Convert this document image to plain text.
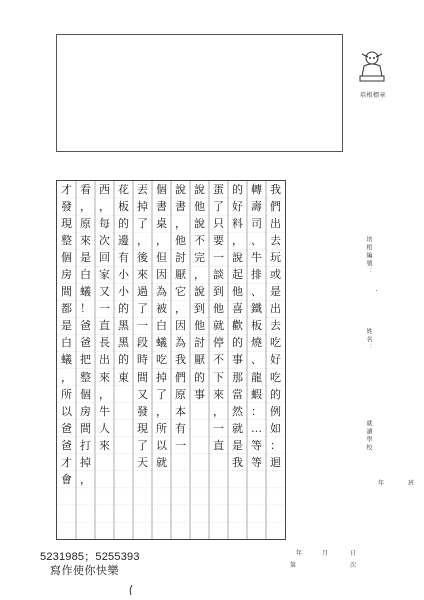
培根標章
我
們
出
去
玩
或
是
出
去
吃
好
吃
的
例
如
：
迴
轉
壽
司
、
牛
排
、
鐵
板
燒
、
龍
蝦
：
…
等
等
的
好
料
，
說
起
他
喜
歡
的
事
那
當
然
就
是
我
蛋
了
只
要
一
談
到
他
就
停
不
下
來
，
一
直
說
他
說
不
完
，
說
到
他
討
厭
的
事
說
書
，
他
討
厭
它
，
因
為
我
們
原
本
有
一
個
書
桌
，
但
因
為
被
白
蟻
吃
掉
了
，
所
以
就
丟
掉
了
，
後
來
過
了
一
段
時
間
又
發
現
了
天
花
板
的
邊
有
小
小
的
黑
黑
的
東
西
，
每
次
回
家
又
一
直
長
出
來
，
牛
人
來
看
，
原
來
是
白
蟻
！
爸
爸
把
整
個
房
間
打
掉
，
才
發
現
整
個
房
間
都
是
白
蟻
，
所
以
爸
爸
才
會
培根編號：
姓名：
就讀學校
年	班
年	月	日
第	次
5231985；5255393
寫作使你快樂
